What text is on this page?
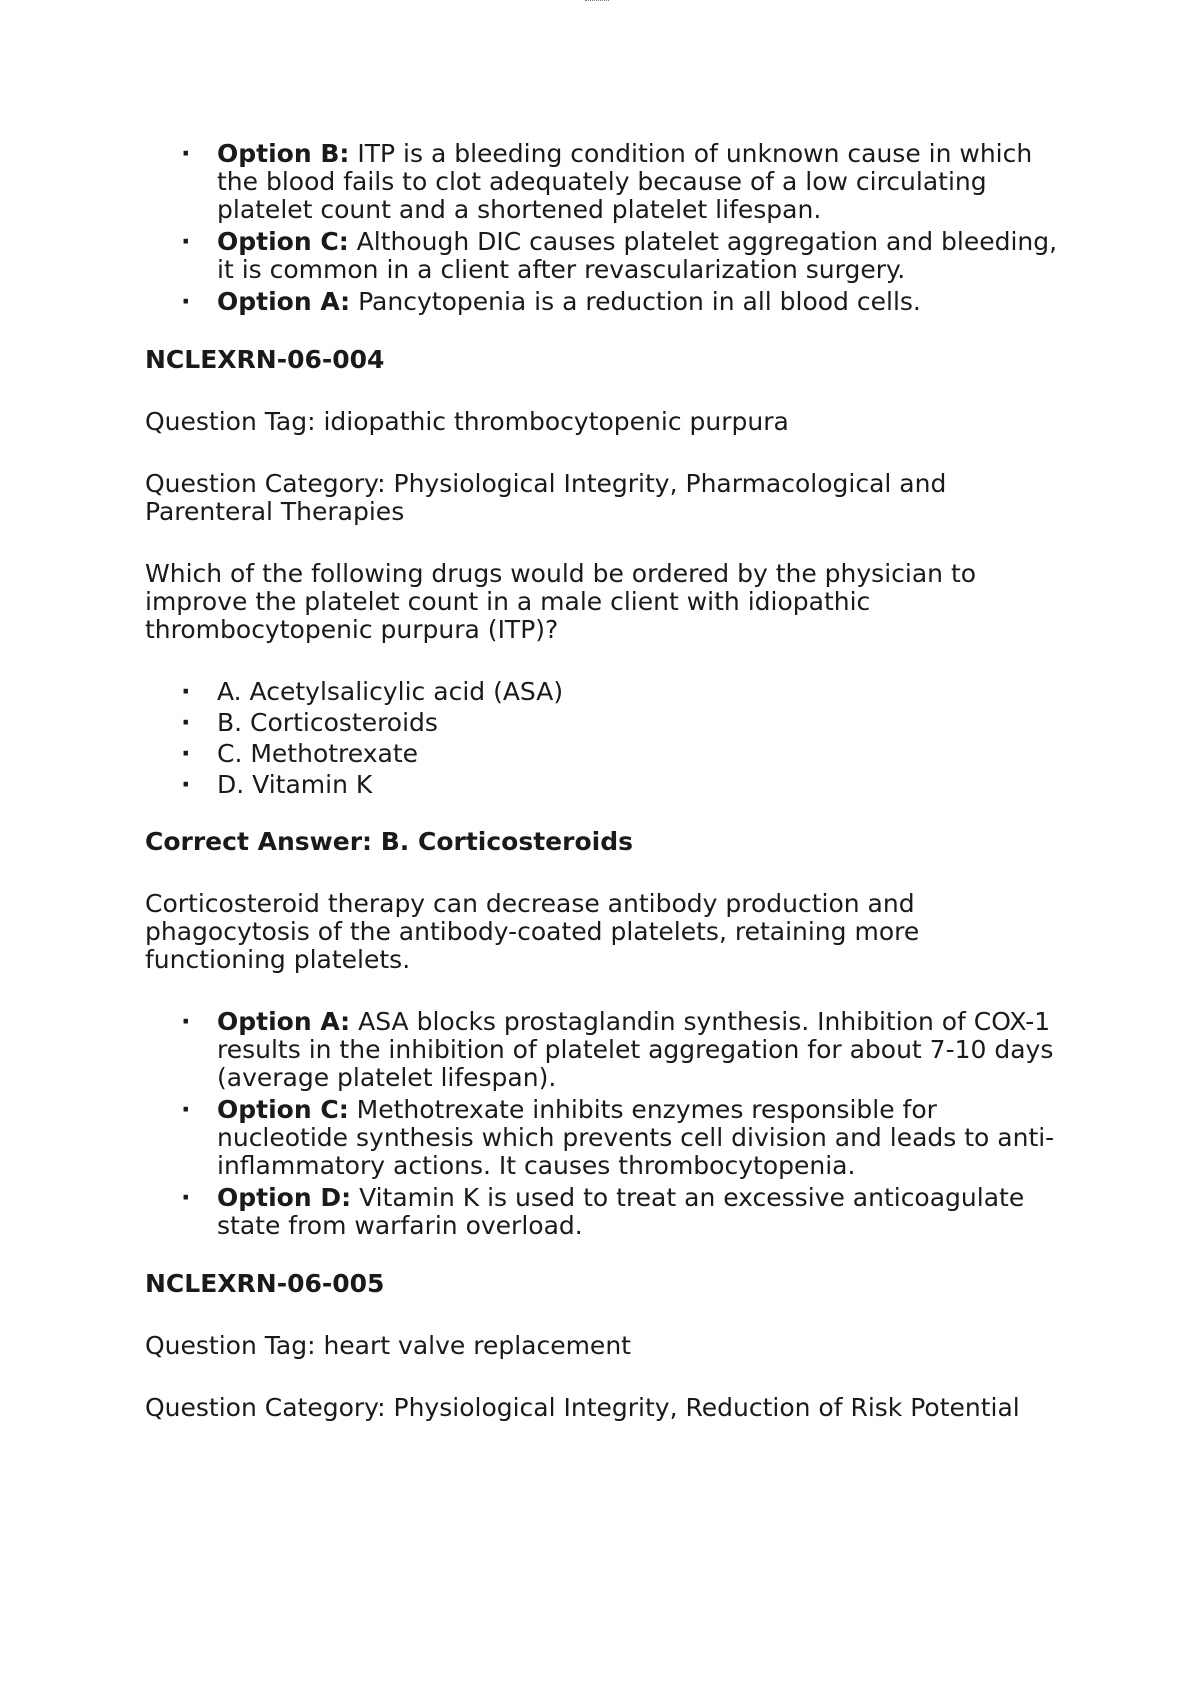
· Option B: ITP is a bleeding condition of unknown cause in which the blood fails to clot adequately because of a low circulating platelet count and a shortened platelet lifespan.
· Option C: Although DIC causes platelet aggregation and bleeding, it is common in a client after revascularization surgery.
· Option A: Pancytopenia is a reduction in all blood cells.

NCLEXRN-06-004

Question Tag: idiopathic thrombocytopenic purpura

Question Category: Physiological Integrity, Pharmacological and Parenteral Therapies

Which of the following drugs would be ordered by the physician to improve the platelet count in a male client with idiopathic thrombocytopenic purpura (ITP)?

· A. Acetylsalicylic acid (ASA)
· B. Corticosteroids
· C. Methotrexate
· D. Vitamin K

Correct Answer: B. Corticosteroids

Corticosteroid therapy can decrease antibody production and phagocytosis of the antibody-coated platelets, retaining more functioning platelets.

· Option A: ASA blocks prostaglandin synthesis. Inhibition of COX-1 results in the inhibition of platelet aggregation for about 7-10 days (average platelet lifespan).
· Option C: Methotrexate inhibits enzymes responsible for nucleotide synthesis which prevents cell division and leads to anti-inflammatory actions. It causes thrombocytopenia.
· Option D: Vitamin K is used to treat an excessive anticoagulate state from warfarin overload.

NCLEXRN-06-005

Question Tag: heart valve replacement

Question Category: Physiological Integrity, Reduction of Risk Potential
